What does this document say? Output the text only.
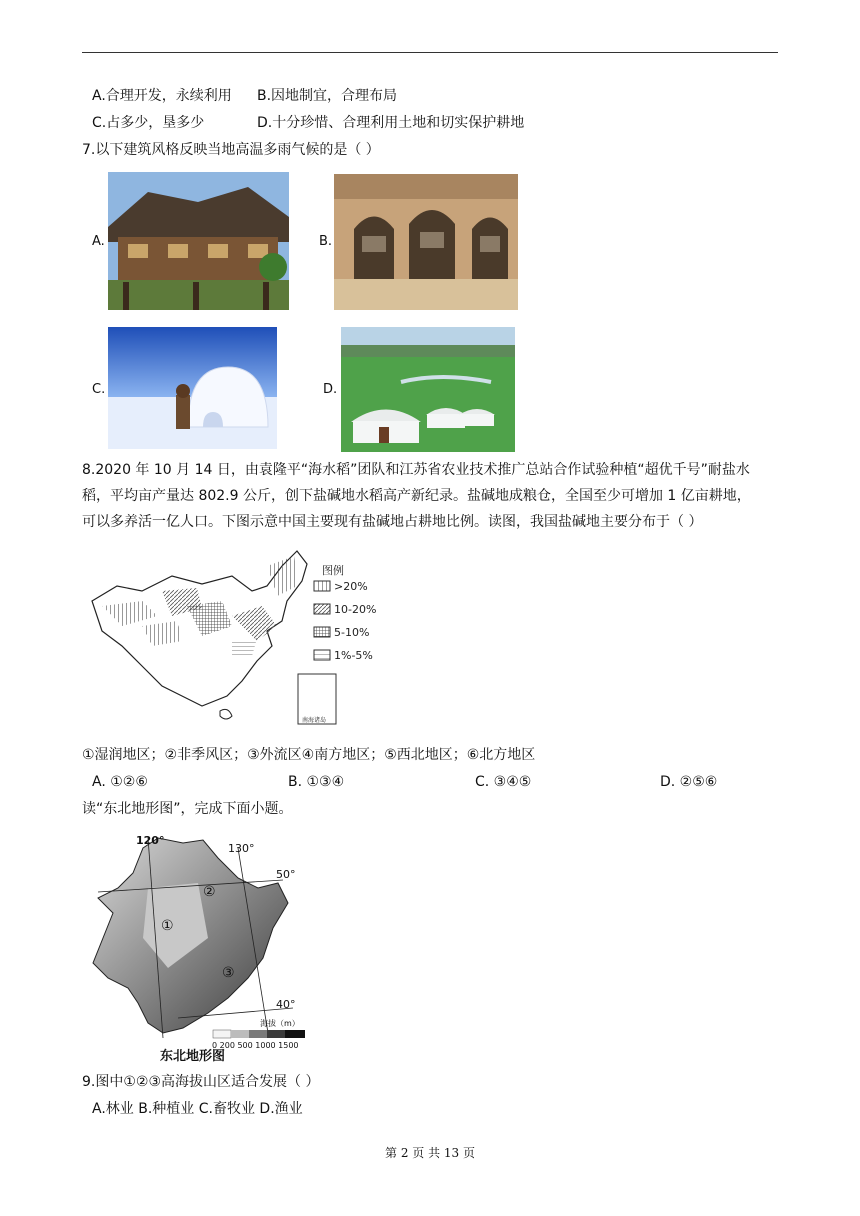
A.合理开发，永续利用 B.因地制宜，合理布局
C.占多少，垦多少	D.十分珍惜、合理利用土地和切实保护耕地
7.以下建筑风格反映当地高温多雨气候的是（ ）
A.	B.
C.	D.
8.2020 年 10 月 14 日，由袁隆平“海水稻”团队和江苏省农业技术推广总站合作试验种植“超优千号”耐盐水
稻，平均亩产量达 802.9 公斤，创下盐碱地水稻高产新纪录。盐碱地成粮仓，全国至少可增加 1 亿亩耕地，
可以多养活一亿人口。下图示意中国主要现有盐碱地占耕地比例。读图，我国盐碱地主要分布于（ ）
南海诸岛
图例
>20%
10-20%
5-10%
1%-5%
①湿润地区；②非季风区；③外流区④南方地区；⑤西北地区；⑥北方地区
A. ①②⑥	B. ①③④	C. ③④⑤	D. ②⑤⑥
读“东北地形图”，完成下面小题。
120°
130°
50°
40°
②
①
③
海拔（m）
0 200 500 1000 1500
东北地形图
9.图中①②③高海拔山区适合发展（ ）
A.林业 B.种植业 C.畜牧业 D.渔业
第 2 页 共 13 页
